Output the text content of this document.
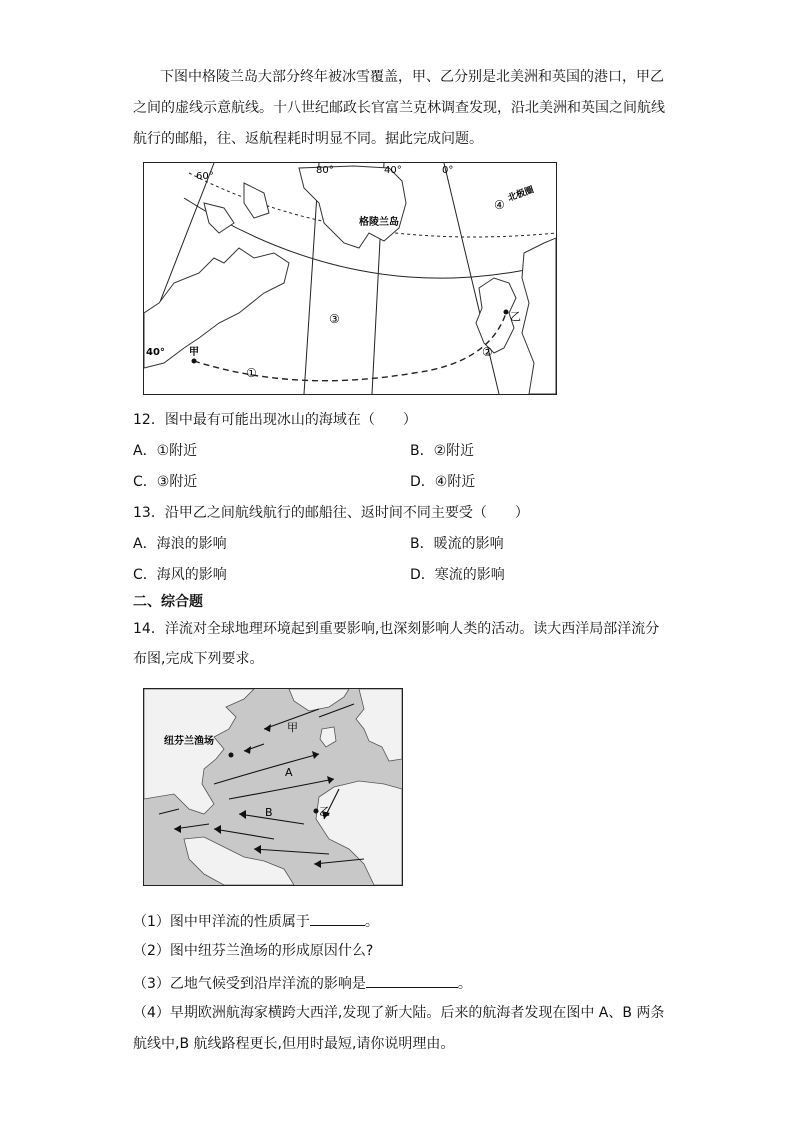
下图中格陵兰岛大部分终年被冰雪覆盖，甲、乙分别是北美洲和英国的港口，甲乙
之间的虚线示意航线。十八世纪邮政长官富兰克林调查发现，沿北美洲和英国之间航线
航行的邮船，往、返航程耗时明显不同。据此完成问题。
60°
80°	40°	0°
40°
格陵兰岛
北极圈
甲
乙
①
②
③
④
12．图中最有可能出现冰山的海域在（　　）
A．①附近	B．②附近
C．③附近	D．④附近
13．沿甲乙之间航线航行的邮船往、返时间不同主要受（　　）
A．海浪的影响	B．暖流的影响
C．海风的影响	D．寒流的影响
二、综合题
14．洋流对全球地理环境起到重要影响,也深刻影响人类的活动。读大西洋局部洋流分
布图,完成下列要求。
甲
纽芬兰渔场
A
B	乙
（1）图中甲洋流的性质属于	。
（2）图中纽芬兰渔场的形成原因什么?
（3）乙地气候受到沿岸洋流的影响是	。
（4）早期欧洲航海家横跨大西洋,发现了新大陆。后来的航海者发现在图中 A、B 两条
航线中,B 航线路程更长,但用时最短,请你说明理由。
